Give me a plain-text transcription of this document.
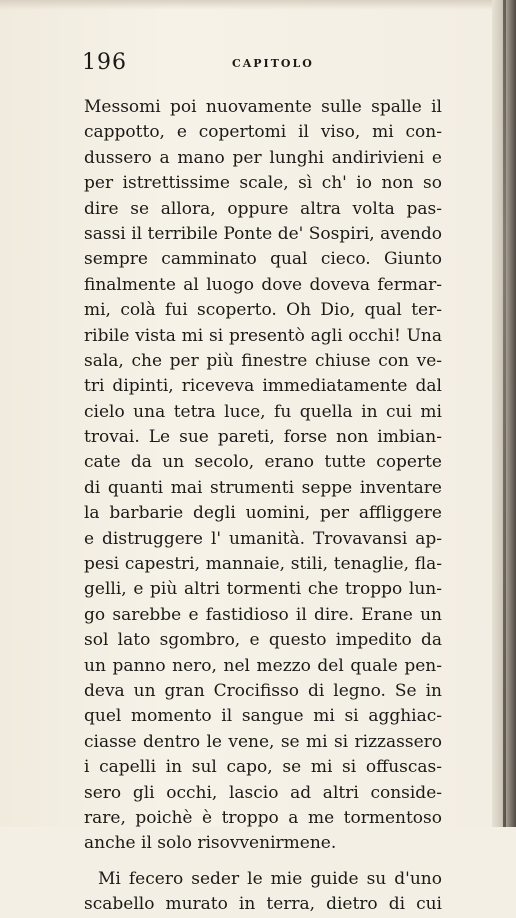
196	CAPITOLO
Messomi poi nuovamente sulle spalle il
cappotto, e copertomi il viso, mi con-
dussero a mano per lunghi andirivieni e
per istrettissime scale, sì ch' io non so
dire se allora, oppure altra volta pas-
sassi il terribile Ponte de' Sospiri, avendo
sempre camminato qual cieco. Giunto
finalmente al luogo dove doveva fermar-
mi, colà fui scoperto. Oh Dio, qual ter-
ribile vista mi si presentò agli occhi! Una
sala, che per più finestre chiuse con ve-
tri dipinti, riceveva immediatamente dal
cielo una tetra luce, fu quella in cui mi
trovai. Le sue pareti, forse non imbian-
cate da un secolo, erano tutte coperte
di quanti mai strumenti seppe inventare
la barbarie degli uomini, per affliggere
e distruggere l' umanità. Trovavansi ap-
pesi capestri, mannaie, stili, tenaglie, fla-
gelli, e più altri tormenti che troppo lun-
go sarebbe e fastidioso il dire. Erane un
sol lato sgombro, e questo impedito da
un panno nero, nel mezzo del quale pen-
deva un gran Crocifisso di legno. Se in
quel momento il sangue mi si agghiac-
ciasse dentro le vene, se mi si rizzassero
i capelli in sul capo, se mi si offuscas-
sero gli occhi, lascio ad altri conside-
rare, poichè è troppo a me tormentoso
anche il solo risovvenirmene.
Mi fecero seder le mie guide su d'uno
scabello murato in terra, dietro di cui
